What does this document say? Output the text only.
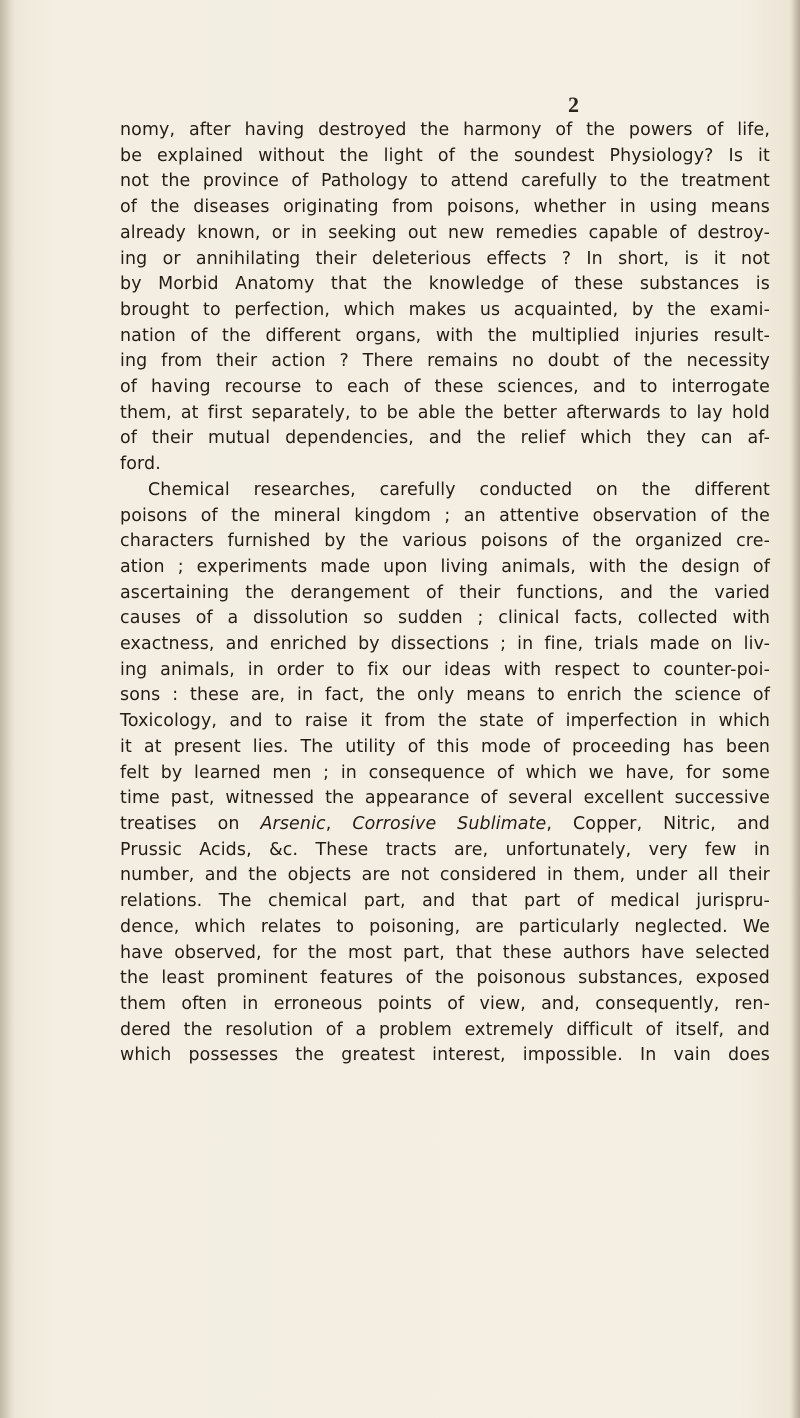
2
nomy, after having destroyed the harmony of the powers of life,
be explained without the light of the soundest Physiology? Is it
not the province of Pathology to attend carefully to the treatment
of the diseases originating from poisons, whether in using means
already known, or in seeking out new remedies capable of destroy-
ing or annihilating their deleterious effects ? In short, is it not
by Morbid Anatomy that the knowledge of these substances is
brought to perfection, which makes us acquainted, by the exami-
nation of the different organs, with the multiplied injuries result-
ing from their action ? There remains no doubt of the necessity
of having recourse to each of these sciences, and to interrogate
them, at first separately, to be able the better afterwards to lay hold
of their mutual dependencies, and the relief which they can af-
ford.
Chemical researches, carefully conducted on the different
poisons of the mineral kingdom ; an attentive observation of the
characters furnished by the various poisons of the organized cre-
ation ; experiments made upon living animals, with the design of
ascertaining the derangement of their functions, and the varied
causes of a dissolution so sudden ; clinical facts, collected with
exactness, and enriched by dissections ; in fine, trials made on liv-
ing animals, in order to fix our ideas with respect to counter-poi-
sons : these are, in fact, the only means to enrich the science of
Toxicology, and to raise it from the state of imperfection in which
it at present lies. The utility of this mode of proceeding has been
felt by learned men ; in consequence of which we have, for some
time past, witnessed the appearance of several excellent successive
treatises on Arsenic, Corrosive Sublimate, Copper, Nitric, and
Prussic Acids, &c. These tracts are, unfortunately, very few in
number, and the objects are not considered in them, under all their
relations. The chemical part, and that part of medical jurispru-
dence, which relates to poisoning, are particularly neglected. We
have observed, for the most part, that these authors have selected
the least prominent features of the poisonous substances, exposed
them often in erroneous points of view, and, consequently, ren-
dered the resolution of a problem extremely difficult of itself, and
which possesses the greatest interest, impossible. In vain does
